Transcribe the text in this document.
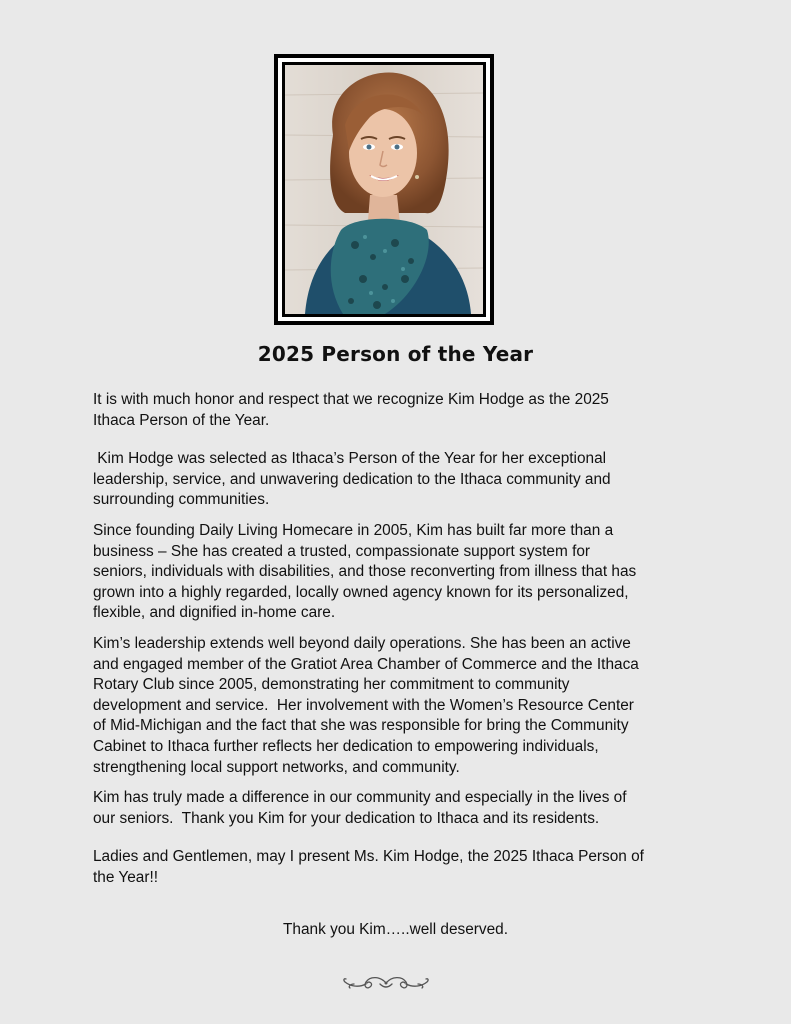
2025 Person of the Year

It is with much honor and respect that we recognize Kim Hodge as the 2025
Ithaca Person of the Year.

Kim Hodge was selected as Ithaca’s Person of the Year for her exceptional
leadership, service, and unwavering dedication to the Ithaca community and
surrounding communities.

Since founding Daily Living Homecare in 2005, Kim has built far more than a
business – She has created a trusted, compassionate support system for
seniors, individuals with disabilities, and those reconverting from illness that has
grown into a highly regarded, locally owned agency known for its personalized,
flexible, and dignified in-home care.

Kim’s leadership extends well beyond daily operations. She has been an active
and engaged member of the Gratiot Area Chamber of Commerce and the Ithaca
Rotary Club since 2005, demonstrating her commitment to community
development and service.  Her involvement with the Women’s Resource Center
of Mid-Michigan and the fact that she was responsible for bring the Community
Cabinet to Ithaca further reflects her dedication to empowering individuals,
strengthening local support networks, and community.

Kim has truly made a difference in our community and especially in the lives of
our seniors.  Thank you Kim for your dedication to Ithaca and its residents.

Ladies and Gentlemen, may I present Ms. Kim Hodge, the 2025 Ithaca Person of
the Year!!

Thank you Kim…..well deserved.
